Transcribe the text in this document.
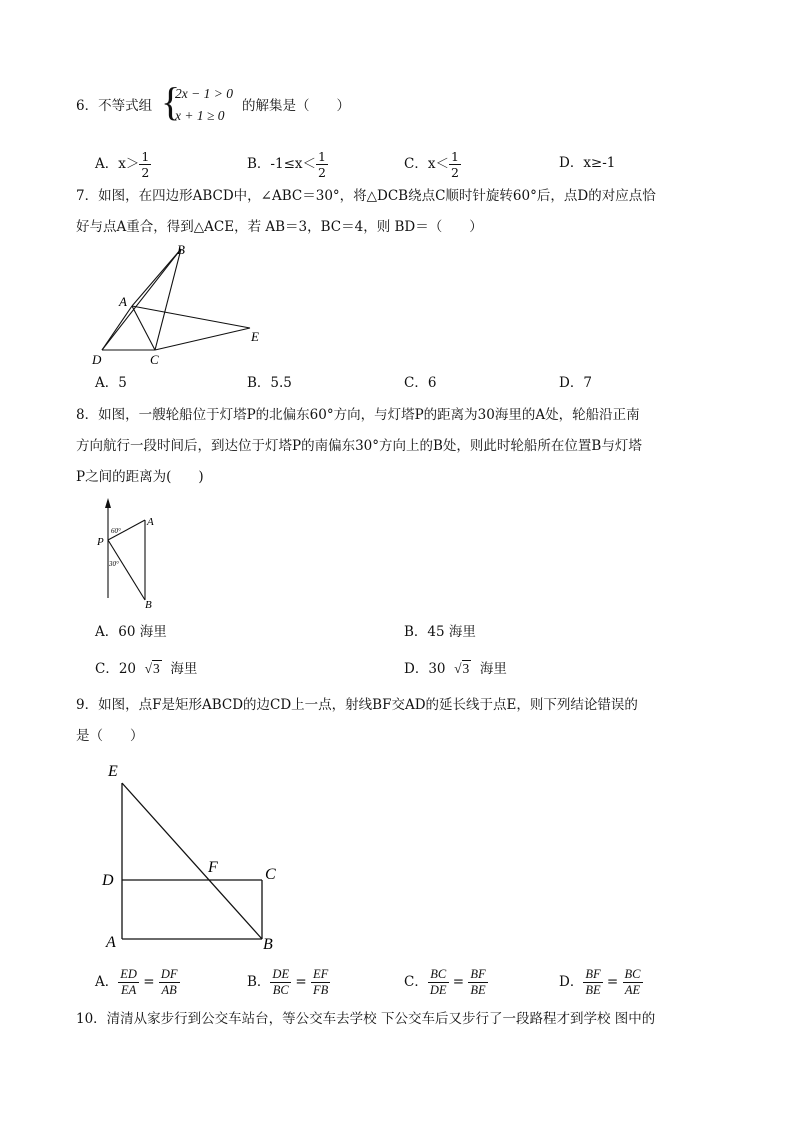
6．不等式组 {
2x − 1 > 0
x + 1 ≥ 0
的解集是（　　）
A．$x> \frac{1}{2}$	B．$-1\le x< \frac{1}{2}$	C．$x< \frac{1}{2}$	D．x≥-1
7．如图，在四边形ABCD中，∠ABC＝30°，将△DCB绕点C顺时针旋转60°后，点D的对应点恰
好与点A重合，得到△ACE，若 AB＝3，BC＝4，则 BD＝（　　）
B
A
D	C
E
A．5	B．5.5	C．6	D．7
8．如图，一艘轮船位于灯塔P的北偏东60°方向，与灯塔P的距离为30海里的A处，轮船沿正南
方向航行一段时间后，到达位于灯塔P的南偏东30°方向上的B处，则此时轮船所在位置B与灯塔
P之间的距离为(　　)
A
P
B
60°
30°
A．60 海里	B．45 海里
C．20 √3 海里	D．30 √3 海里
9．如图，点F是矩形ABCD的边CD上一点，射线BF交AD的延长线于点E，则下列结论错误的
是（　　）
E
D
A
F	C
B
A． $\frac{ED}{EA} = \frac{DF}{AB}$	B． $\frac{DE}{BC} = \frac{EF}{FB}$	C． $\frac{BC}{DE} = \frac{BF}{BE}$	D． $\frac{BF}{BE} = \frac{BC}{AE}$
10．清清从家步行到公交车站台，等公交车去学校 下公交车后又步行了一段路程才到学校 图中的
